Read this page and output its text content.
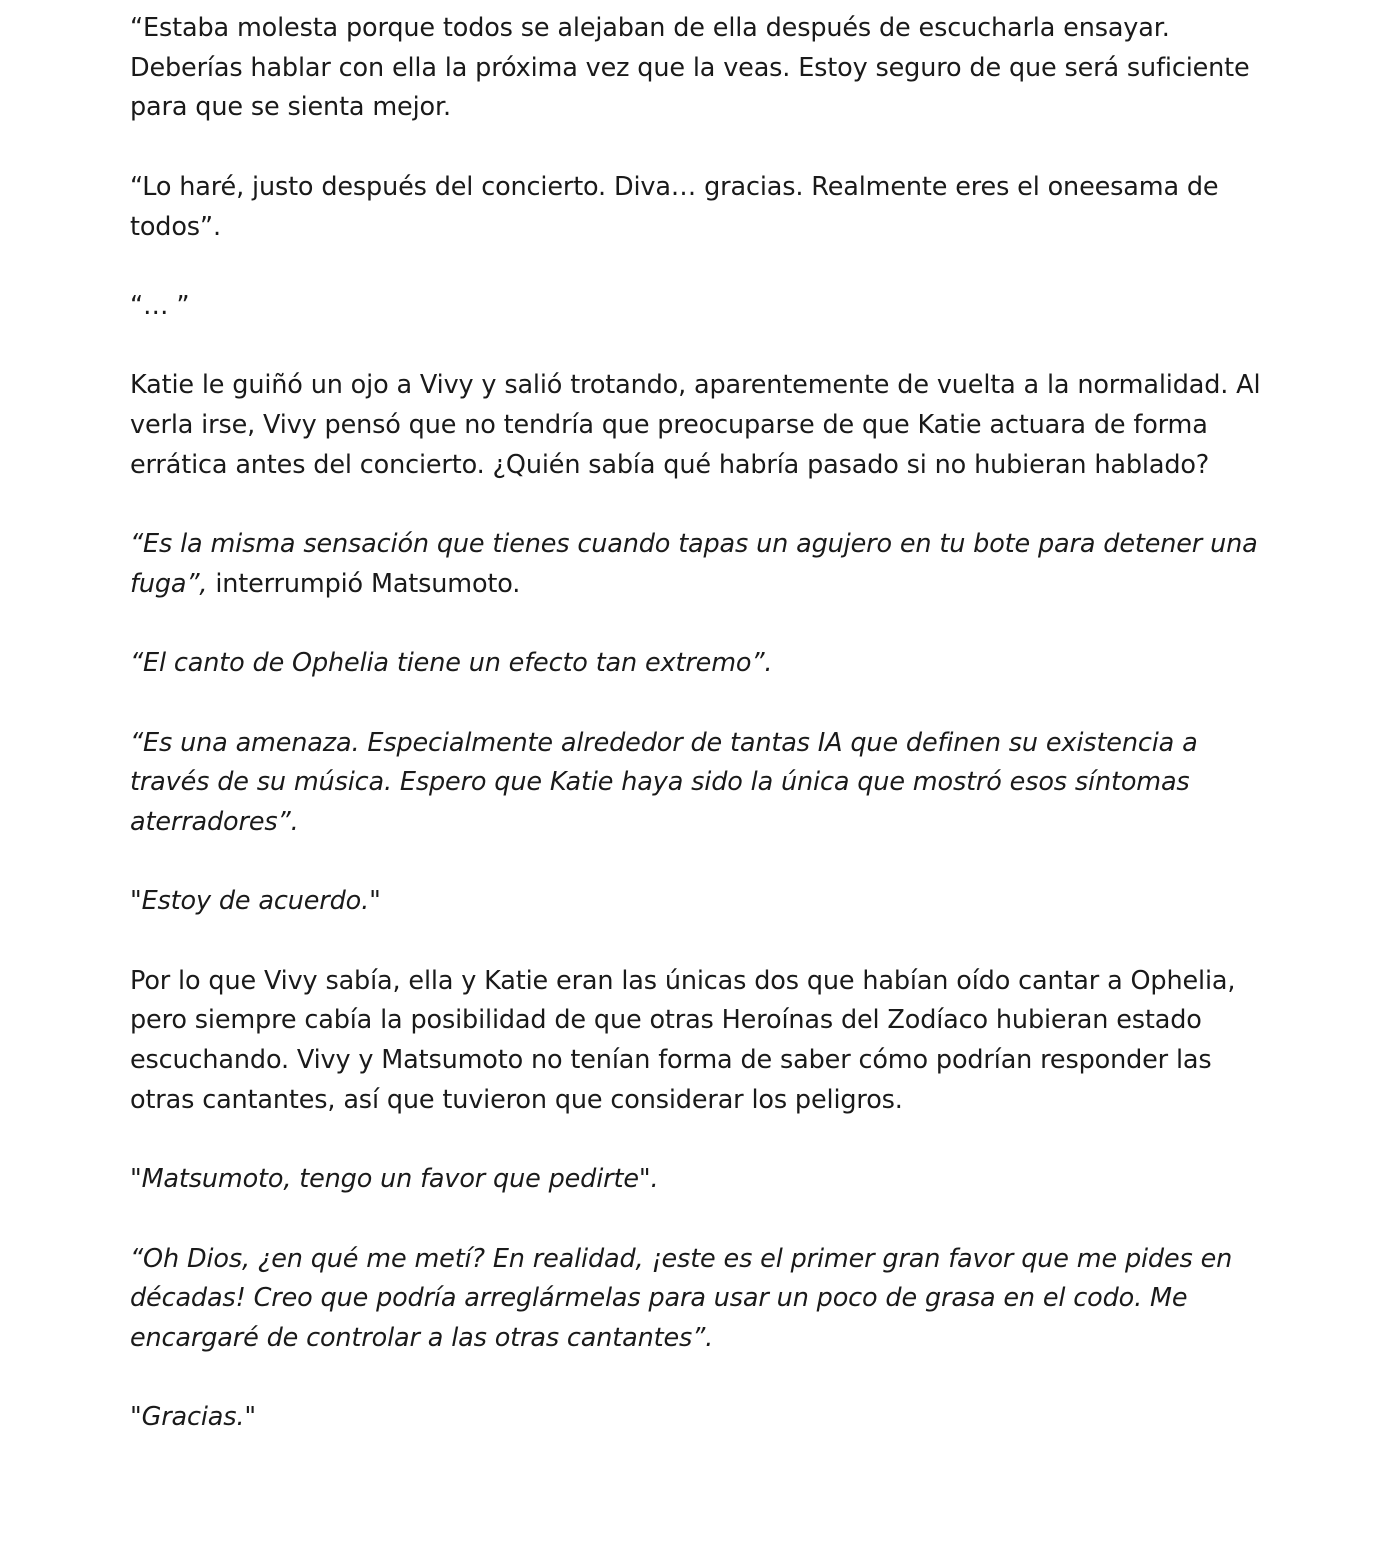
“Estaba molesta porque todos se alejaban de ella después de escucharla ensayar. Deberías hablar con ella la próxima vez que la veas. Estoy seguro de que será suficiente para que se sienta mejor.

“Lo haré, justo después del concierto. Diva… gracias. Realmente eres el oneesama de todos”.

“… ”

Katie le guiñó un ojo a Vivy y salió trotando, aparentemente de vuelta a la normalidad. Al verla irse, Vivy pensó que no tendría que preocuparse de que Katie actuara de forma errática antes del concierto. ¿Quién sabía qué habría pasado si no hubieran hablado?

“Es la misma sensación que tienes cuando tapas un agujero en tu bote para detener una fuga”, interrumpió Matsumoto.

“El canto de Ophelia tiene un efecto tan extremo”.

“Es una amenaza. Especialmente alrededor de tantas IA que definen su existencia a través de su música. Espero que Katie haya sido la única que mostró esos síntomas aterradores”.

"Estoy de acuerdo."

Por lo que Vivy sabía, ella y Katie eran las únicas dos que habían oído cantar a Ophelia, pero siempre cabía la posibilidad de que otras Heroínas del Zodíaco hubieran estado escuchando. Vivy y Matsumoto no tenían forma de saber cómo podrían responder las otras cantantes, así que tuvieron que considerar los peligros.

"Matsumoto, tengo un favor que pedirte".

“Oh Dios, ¿en qué me metí? En realidad, ¡este es el primer gran favor que me pides en décadas! Creo que podría arreglármelas para usar un poco de grasa en el codo. Me encargaré de controlar a las otras cantantes”.

"Gracias."
